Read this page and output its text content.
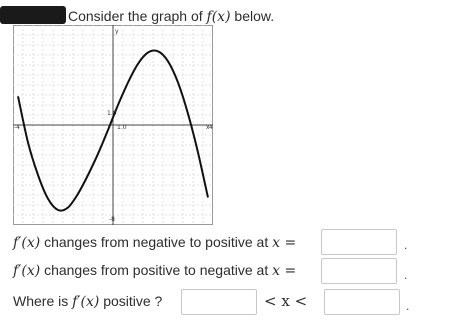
Consider the graph of f(x) below.
y
x
-4	4
1.0
1.0
-8
f′(x) changes from negative to positive at x =	.
f′(x) changes from positive to negative at x =	.
Where is f′(x) positive ?	< x <	.
